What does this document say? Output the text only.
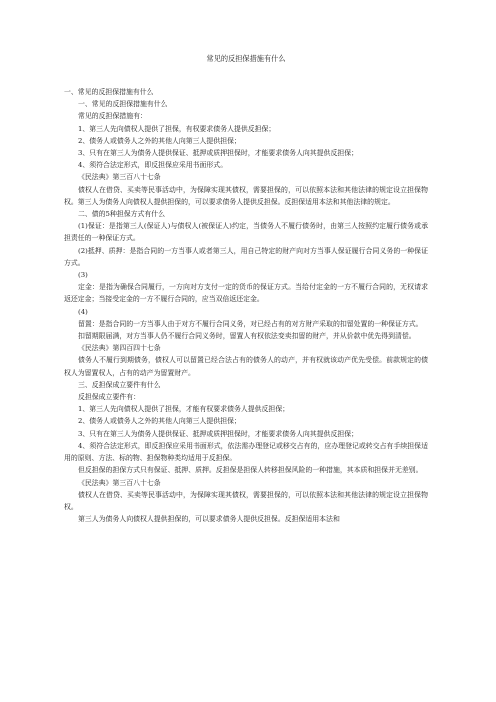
常见的反担保措施有什么

一、常见的反担保措施有什么

一、常见的反担保措施有什么

常见的反担保措施有：

1、第三人先向债权人提供了担保，有权要求债务人提供反担保；

2、债务人或债务人之外的其他人向第三人提供担保；

3、只有在第三人为债务人提供保证、抵押或质押担保时，才能要求债务人向其提供反担保；

4、须符合法定形式，即反担保应采用书面形式。

《民法典》第三百八十七条

债权人在借贷、买卖等民事活动中，为保障实现其债权，需要担保的，可以依照本法和其他法律的规定设立担保物权。第三人为债务人向债权人提供担保的，可以要求债务人提供反担保。反担保适用本法和其他法律的规定。

二、债的5种担保方式有什么

(1)保证：是指第三人(保证人)与债权人(被保证人)约定，当债务人不履行债务时，由第三人按照约定履行债务或承担责任的一种保证方式。

(2)抵押、质押：是指合同的一方当事人或者第三人，用自己特定的财产向对方当事人保证履行合同义务的一种保证方式。

(3)

定金：是指为确保合同履行，一方向对方支付一定的货币的保证方式。当给付定金的一方不履行合同的，无权请求返还定金；当接受定金的一方不履行合同的，应当双倍返还定金。

(4)

留置：是指合同的一方当事人由于对方不履行合同义务，对已经占有的对方财产采取的扣留处置的一种保证方式。

扣留期限届满，对方当事人仍不履行合同义务时，留置人有权依法变卖扣留的财产，并从价款中优先得到清偿。

《民法典》第四百四十七条

债务人不履行到期债务，债权人可以留置已经合法占有的债务人的动产，并有权就该动产优先受偿。前款规定的债权人为留置权人，占有的动产为留置财产。

三、反担保成立要件有什么

反担保成立要件有：

1、第三人先向债权人提供了担保，才能有权要求债务人提供反担保；

2、债务人或债务人之外的其他人向第三人提供担保；

3、只有在第三人为债务人提供保证、抵押或质押担保时，才能要求债务人向其提供反担保；

4、须符合法定形式，即反担保应采用书面形式，依法需办理登记或移交占有的，应办理登记或转交占有手续担保适用的原则、方法、标的物、担保物种类均适用于反担保。

但反担保的担保方式只有保证、抵押、质押。反担保是担保人转移担保风险的一种措施，其本质和担保并无差别。

《民法典》第三百八十七条

债权人在借贷、买卖等民事活动中，为保障实现其债权，需要担保的，可以依照本法和其他法律的规定设立担保物权。

第三人为债务人向债权人提供担保的，可以要求债务人提供反担保。反担保适用本法和
